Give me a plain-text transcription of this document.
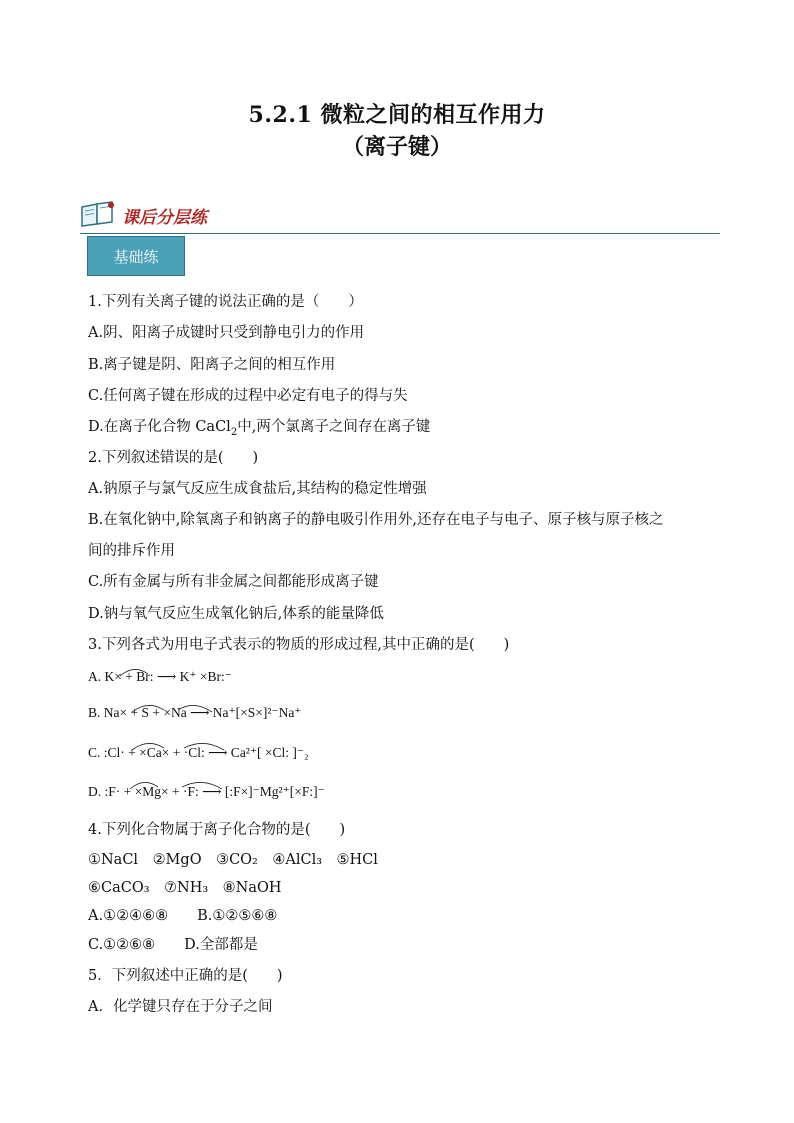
5.2.1 微粒之间的相互作用力
（离子键）
课后分层练
基础练
1.下列有关离子键的说法正确的是（　　）
A.阴、阳离子成键时只受到静电引力的作用
B.离子键是阴、阳离子之间的相互作用
C.任何离子键在形成的过程中必定有电子的得与失
D.在离子化合物 CaCl$_2$中,两个氯离子之间存在离子键
2.下列叙述错误的是(　　)
A.钠原子与氯气反应生成食盐后,其结构的稳定性增强
B.在氧化钠中,除氧离子和钠离子的静电吸引作用外,还存在电子与电子、原子核与原子核之
间的排斥作用
C.所有金属与所有非金属之间都能形成离子键
D.钠与氧气反应生成氧化钠后,体系的能量降低
3.下列各式为用电子式表示的物质的形成过程,其中正确的是(　　)
A. K× + Br: ⟶ K⁺ ×Br:⁻
B. Na× + S + ×Na ⟶ Na⁺[×S×]²⁻Na⁺
C. :Cl· + ×Ca× + ·Cl: ⟶ Ca²⁺[ ×Cl: ]⁻₂
D. :F· + ×Mg× + ·F: ⟶ [:F×]⁻Mg²⁺[×F:]⁻
4.下列化合物属于离子化合物的是(　　)
①NaCl　②MgO　③CO₂　④AlCl₃　⑤HCl
⑥CaCO₃　⑦NH₃　⑧NaOH
A.①②④⑥⑧　　B.①②⑤⑥⑧
C.①②⑥⑧　　D.全部都是
5．下列叙述中正确的是(　　)
A．化学键只存在于分子之间
